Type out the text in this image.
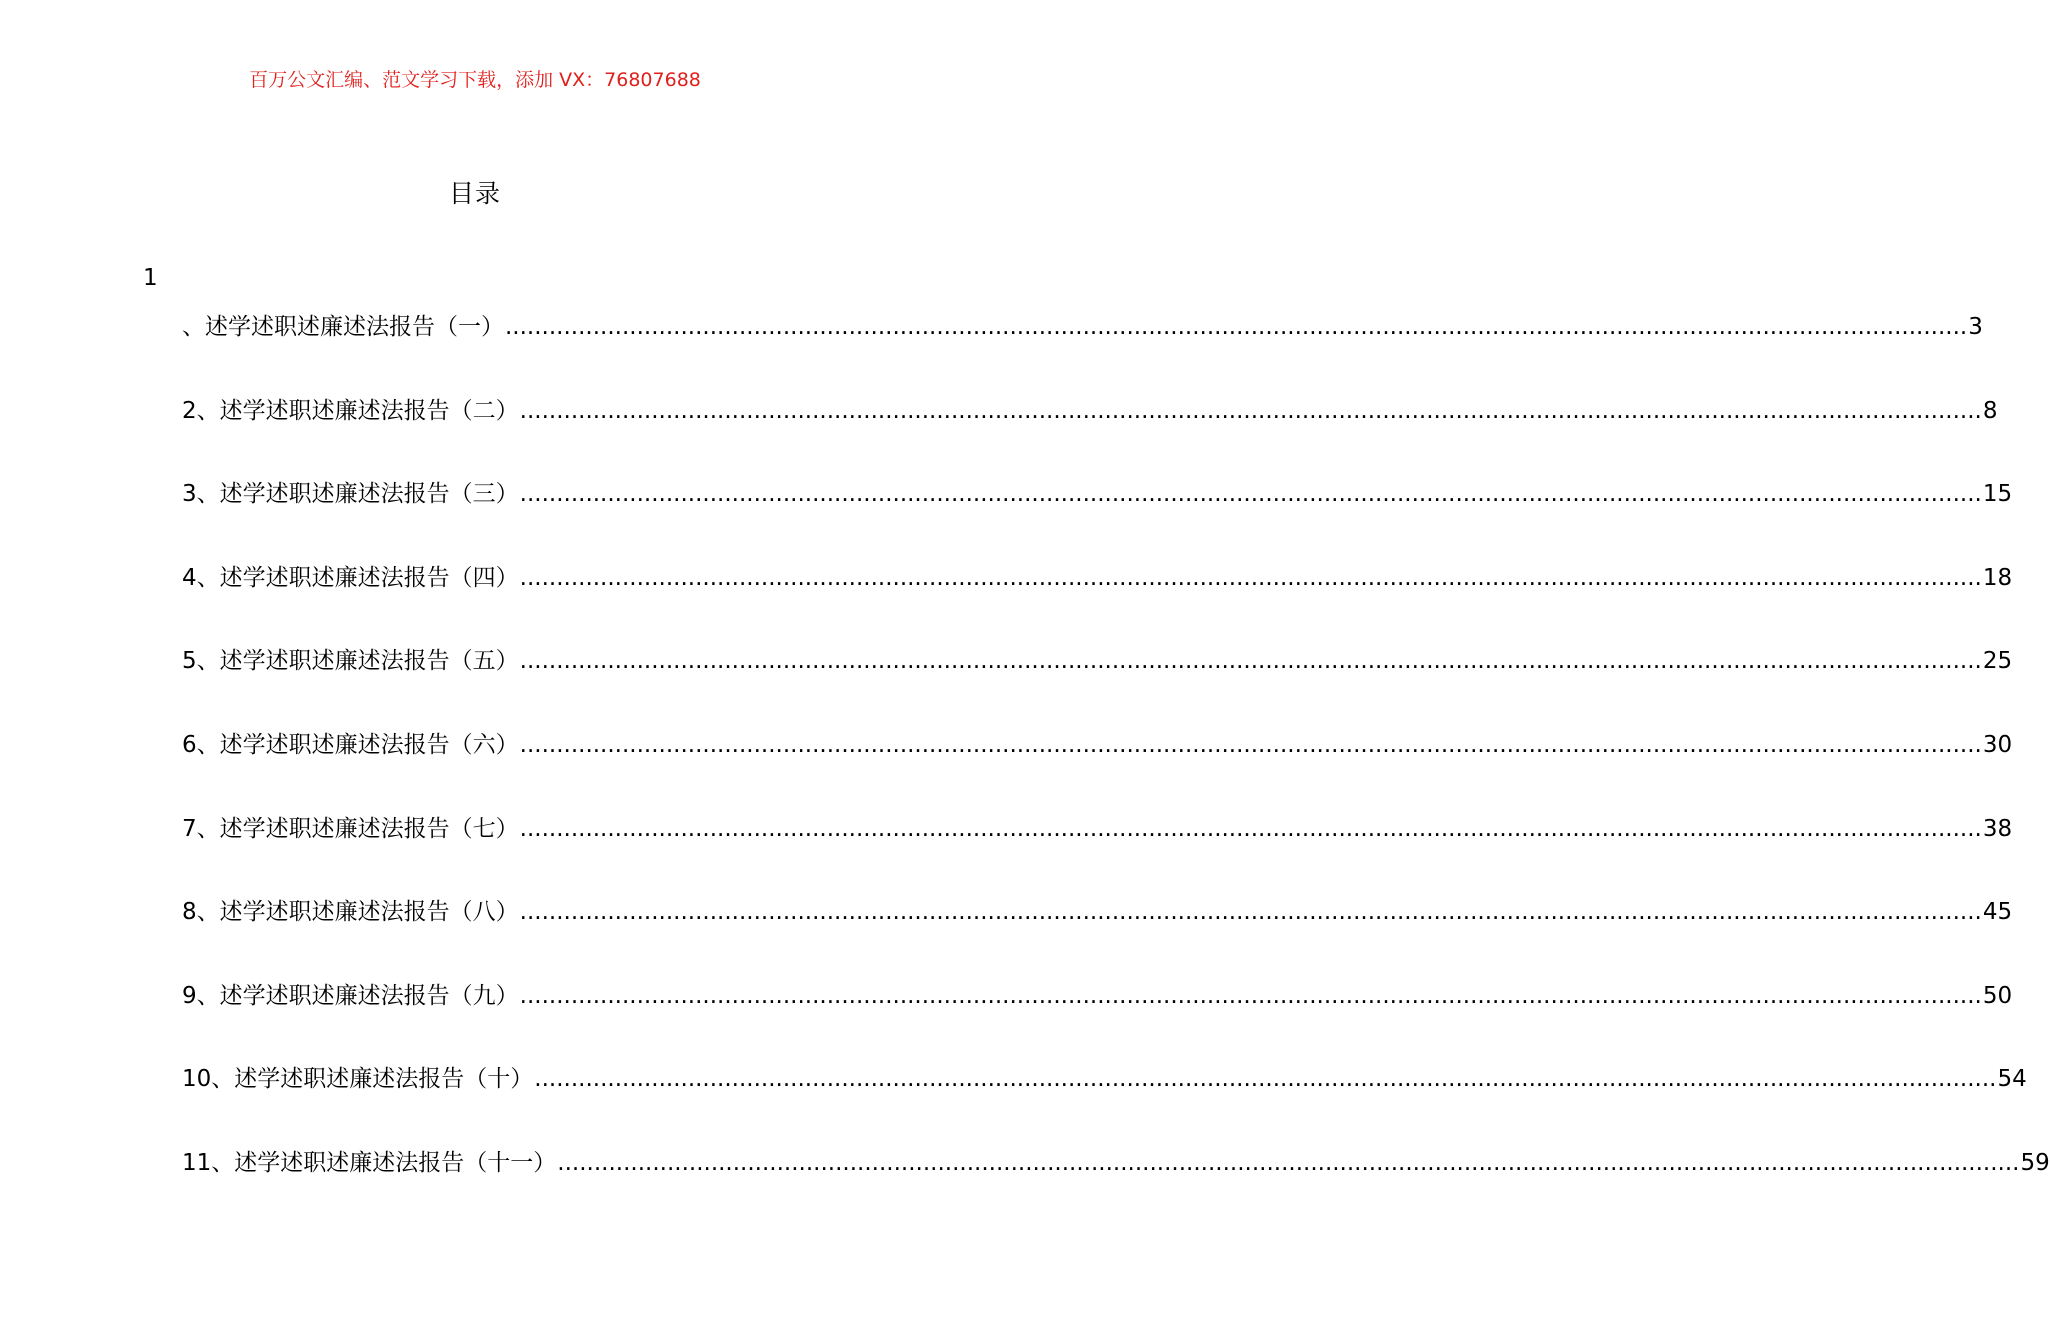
百万公文汇编、范文学习下载，添加 VX：76807688
目录
1
、述学述职述廉述法报告（一） ........................................................................................................................................................................................................ 3
2、述学述职述廉述法报告（二） ........................................................................................................................................................................................................ 8
3、述学述职述廉述法报告（三） ........................................................................................................................................................................................................ 15
4、述学述职述廉述法报告（四） ........................................................................................................................................................................................................ 18
5、述学述职述廉述法报告（五） ........................................................................................................................................................................................................ 25
6、述学述职述廉述法报告（六） ........................................................................................................................................................................................................ 30
7、述学述职述廉述法报告（七） ........................................................................................................................................................................................................ 38
8、述学述职述廉述法报告（八） ........................................................................................................................................................................................................ 45
9、述学述职述廉述法报告（九） ........................................................................................................................................................................................................ 50
10、述学述职述廉述法报告（十） ........................................................................................................................................................................................................ 54
11、述学述职述廉述法报告（十一） ........................................................................................................................................................................................................ 59
